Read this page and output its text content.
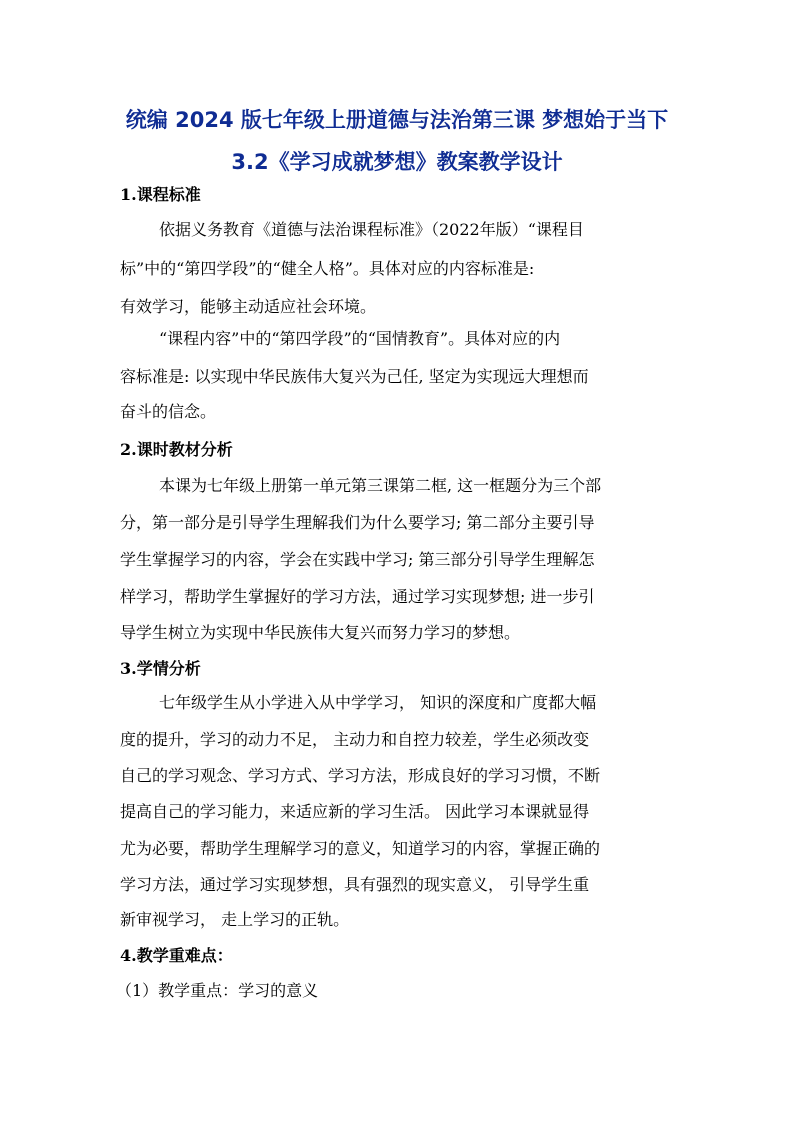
统编 2024 版七年级上册道德与法治第三课 梦想始于当下
3.2《学习成就梦想》教案教学设计
1.课程标准
依据义务教育《道德与法治课程标准》（2022年版）“课程目
标”中的“第四学段”的“健全人格”。具体对应的内容标准是:
有效学习，能够主动适应社会环境。
“课程内容”中的“第四学段”的“国情教育”。具体对应的内
容标准是: 以实现中华民族伟大复兴为己任, 坚定为实现远大理想而
奋斗的信念。
2.课时教材分析
本课为七年级上册第一单元第三课第二框, 这一框题分为三个部
分，第一部分是引导学生理解我们为什么要学习; 第二部分主要引导
学生掌握学习的内容，学会在实践中学习; 第三部分引导学生理解怎
样学习，帮助学生掌握好的学习方法，通过学习实现梦想; 进一步引
导学生树立为实现中华民族伟大复兴而努力学习的梦想。
3.学情分析
七年级学生从小学进入从中学学习， 知识的深度和广度都大幅
度的提升，学习的动力不足， 主动力和自控力较差，学生必须改变
自己的学习观念、学习方式、学习方法，形成良好的学习习惯，不断
提高自己的学习能力，来适应新的学习生活。 因此学习本课就显得
尤为必要，帮助学生理解学习的意义，知道学习的内容，掌握正确的
学习方法，通过学习实现梦想，具有强烈的现实意义， 引导学生重
新审视学习， 走上学习的正轨。
4.教学重难点：
（1）教学重点：学习的意义
